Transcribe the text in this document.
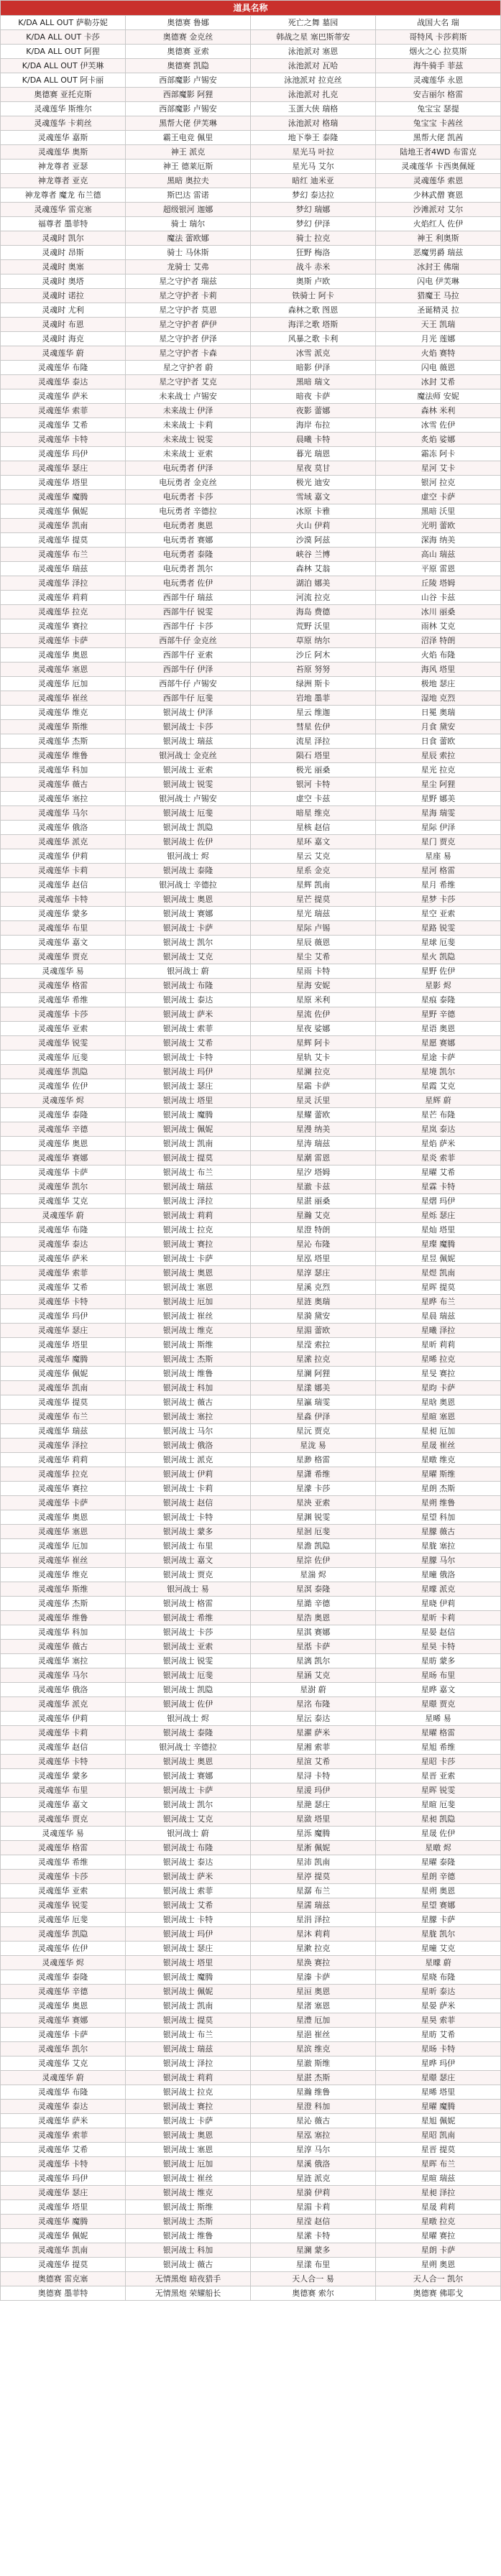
道具名称			
K/DA ALL OUT 萨勒芬妮	奥德赛 鲁娜	死亡之舞 墓园	战国大名 瑞
K/DA ALL OUT 卡莎	奥德赛 金克丝	韩战之星 塞巴斯蒂安	哥特风 卡莎莉斯
K/DA ALL OUT 阿狸	奥德赛 亚索	泳池派对 塞恩	烟火之心 拉莫斯
K/DA ALL OUT 伊芙琳	奥德赛 凯隐	泳池派对 瓦哈	海牛骑手 菲兹
K/DA ALL OUT 阿卡丽	西部魔影 卢锡安	泳池派对 拉克丝	灵魂莲华 永恩
奥德赛 亚托克斯	西部魔影 阿狸	泳池派对 扎克	安吉丽尔 格雷
灵魂莲华 斯维尔	西部魔影 卢锡安	玉蛋大侠 瑞格	兔宝宝 瑟提
灵魂莲华 卡莉丝	黑帮大佬 伊芙琳	泳池派对 格瑞	兔宝宝 卡茜丝
灵魂莲华 嘉斯	霸王电竞 佩里	地下拳王 泰隆	黑帮大佬 凯茜
灵魂莲华 奥斯	神王 派克	星光马 叶拉	陆地王者4WD 布雷克
神龙尊者 亚瑟	神王 德莱厄斯	星光马 艾尔	灵魂莲华 卡西奥佩娅
神龙尊者 亚克	黑暗 奥拉夫	暗红 迪米亚	灵魂莲华 索恩
神龙尊者 魔龙 布兰德	斯巴达 雷诺	梦幻 泰达拉	少林武僧 赛恩
灵魂莲华 雷克塞	超级银河 迦娜	梦幻 瑞娜	沙滩派对 艾尔
福尊者 墨菲特	骑士 瑞尔	梦幻 伊泽	火焰红人 佐伊
灵魂时 凯尔	魔法 蕾欧娜	骑士 拉克	神王 利奥斯
灵魂时 昂斯	骑士 马休斯	狂野 梅洛	恶魔男爵 瑞兹
灵魂时 奥塞	龙骑士 艾弗	战斗 赤米	冰封王 佛瑞
灵魂时 奥塔	星之守护者 瑞兹	奥斯 卢欧	闪电 伊芙琳
灵魂时 诺拉	星之守护者 卡莉	铁骑士 阿卡	猎魔王 马拉
灵魂时 尤利	星之守护者 莫恩	森林之歌 图恩	圣诞精灵 拉
灵魂时 布恩	星之守护者 萨伊	海洋之歌 塔斯	天王 凯瑞
灵魂时 海克	星之守护者 伊泽	风暴之歌 卡利	月光 莲娜
灵魂莲华 蔚	星之守护者 卡森	冰雪 派克	火焰 赛特
灵魂莲华 布隆	星之守护者 蔚	暗影 伊泽	闪电 薇恩
灵魂莲华 泰达	星之守护者 艾克	黑暗 瑞文	冰封 艾希
灵魂莲华 萨米	未来战士 卢锡安	暗夜 卡萨	魔法师 安妮
灵魂莲华 索菲	未来战士 伊泽	夜影 蕾娜	森林 米利
灵魂莲华 艾希	未来战士 卡莉	海岸 布拉	冰雪 佐伊
灵魂莲华 卡特	未来战士 锐雯	晨曦 卡特	炙焰 娑娜
灵魂莲华 玛伊	未来战士 亚索	暮光 瑞恩	霜冻 阿卡
灵魂莲华 瑟庄	电玩勇者 伊泽	星夜 莫甘	星河 艾卡
灵魂莲华 塔里	电玩勇者 金克丝	极光 迪安	银河 拉克
灵魂莲华 魔腾	电玩勇者 卡莎	雪域 嘉文	虚空 卡萨
灵魂莲华 佩妮	电玩勇者 辛德拉	冰原 卡雅	黑暗 沃里
灵魂莲华 凯南	电玩勇者 奥恩	火山 伊莉	光明 蕾欧
灵魂莲华 提莫	电玩勇者 赛娜	沙漠 阿兹	深海 纳美
灵魂莲华 布兰	电玩勇者 泰隆	峡谷 兰博	高山 瑞兹
灵魂莲华 瑞兹	电玩勇者 凯尔	森林 艾翁	平原 雷恩
灵魂莲华 泽拉	电玩勇者 佐伊	湖泊 娜美	丘陵 塔姆
灵魂莲华 莉莉	西部牛仔 瑞兹	河流 拉克	山谷 卡兹
灵魂莲华 拉克	西部牛仔 锐雯	海岛 费德	冰川 丽桑
灵魂莲华 赛拉	西部牛仔 卡莎	荒野 沃里	雨林 艾克
灵魂莲华 卡萨	西部牛仔 金克丝	草原 纳尔	沼泽 特朗
灵魂莲华 奥恩	西部牛仔 亚索	沙丘 阿木	火焰 布隆
灵魂莲华 塞恩	西部牛仔 伊泽	苔原 努努	海风 塔里
灵魂莲华 厄加	西部牛仔 卢锡安	绿洲 斯卡	极地 瑟庄
灵魂莲华 崔丝	西部牛仔 厄斐	岩地 墨菲	湿地 克烈
灵魂莲华 维克	银河战士 伊泽	星云 维迦	日冕 奥瑞
灵魂莲华 斯维	银河战士 卡莎	彗星 佐伊	月食 黛安
灵魂莲华 杰斯	银河战士 瑞兹	流星 泽拉	日食 蕾欧
灵魂莲华 维鲁	银河战士 金克丝	陨石 塔里	星辰 索拉
灵魂莲华 科加	银河战士 亚索	极光 丽桑	星光 拉克
灵魂莲华 薇古	银河战士 锐雯	银河 卡特	星尘 阿狸
灵魂莲华 塞拉	银河战士 卢锡安	虚空 卡兹	星野 娜美
灵魂莲华 马尔	银河战士 厄斐	暗星 维克	星海 瑞雯
灵魂莲华 俄洛	银河战士 凯隐	星核 赵信	星际 伊泽
灵魂莲华 派克	银河战士 佐伊	星环 嘉文	星门 贾克
灵魂莲华 伊莉	银河战士 烬	星云 艾克	星座 易
灵魂莲华 卡莉	银河战士 泰隆	星系 金克	星河 格雷
灵魂莲华 赵信	银河战士 辛德拉	星辉 凯南	星月 希维
灵魂莲华 卡特	银河战士 奥恩	星芒 提莫	星梦 卡莎
灵魂莲华 蒙多	银河战士 赛娜	星光 瑞兹	星空 亚索
灵魂莲华 布里	银河战士 卡萨	星际 卢锡	星路 锐雯
灵魂莲华 嘉文	银河战士 凯尔	星辰 薇恩	星球 厄斐
灵魂莲华 贾克	银河战士 艾克	星尘 艾希	星火 凯隐
灵魂莲华 易	银河战士 蔚	星雨 卡特	星野 佐伊
灵魂莲华 格雷	银河战士 布隆	星海 安妮	星影 烬
灵魂莲华 希维	银河战士 泰达	星原 米利	星痕 泰隆
灵魂莲华 卡莎	银河战士 萨米	星流 佐伊	星野 辛德
灵魂莲华 亚索	银河战士 索菲	星夜 娑娜	星语 奥恩
灵魂莲华 锐雯	银河战士 艾希	星辉 阿卡	星愿 赛娜
灵魂莲华 厄斐	银河战士 卡特	星轨 艾卡	星途 卡萨
灵魂莲华 凯隐	银河战士 玛伊	星澜 拉克	星境 凯尔
灵魂莲华 佐伊	银河战士 瑟庄	星霜 卡萨	星霞 艾克
灵魂莲华 烬	银河战士 塔里	星灵 沃里	星辉 蔚
灵魂莲华 泰隆	银河战士 魔腾	星耀 蕾欧	星芒 布隆
灵魂莲华 辛德	银河战士 佩妮	星漫 纳美	星岚 泰达
灵魂莲华 奥恩	银河战士 凯南	星涛 瑞兹	星焰 萨米
灵魂莲华 赛娜	银河战士 提莫	星潮 雷恩	星炎 索菲
灵魂莲华 卡萨	银河战士 布兰	星汐 塔姆	星曜 艾希
灵魂莲华 凯尔	银河战士 瑞兹	星澈 卡兹	星霖 卡特
灵魂莲华 艾克	银河战士 泽拉	星湛 丽桑	星熠 玛伊
灵魂莲华 蔚	银河战士 莉莉	星瀚 艾克	星烁 瑟庄
灵魂莲华 布隆	银河战士 拉克	星澄 特朗	星灿 塔里
灵魂莲华 泰达	银河战士 赛拉	星沁 布隆	星璨 魔腾
灵魂莲华 萨米	银河战士 卡萨	星泓 塔里	星昱 佩妮
灵魂莲华 索菲	银河战士 奥恩	星淳 瑟庄	星煜 凯南
灵魂莲华 艾希	银河战士 塞恩	星溪 克烈	星晖 提莫
灵魂莲华 卡特	银河战士 厄加	星涟 奥瑞	星晔 布兰
灵魂莲华 玛伊	银河战士 崔丝	星漪 黛安	星晨 瑞兹
灵魂莲华 瑟庄	银河战士 维克	星湄 蕾欧	星曦 泽拉
灵魂莲华 塔里	银河战士 斯维	星滢 索拉	星昕 莉莉
灵魂莲华 魔腾	银河战士 杰斯	星潆 拉克	星晞 拉克
灵魂莲华 佩妮	银河战士 维鲁	星澜 阿狸	星旻 赛拉
灵魂莲华 凯南	银河战士 科加	星漾 娜美	星昀 卡萨
灵魂莲华 提莫	银河战士 薇古	星瀛 瑞雯	星晗 奥恩
灵魂莲华 布兰	银河战士 塞拉	星淼 伊泽	星暄 塞恩
灵魂莲华 瑞兹	银河战士 马尔	星沅 贾克	星昶 厄加
灵魂莲华 泽拉	银河战士 俄洛	星泷 易	星晟 崔丝
灵魂莲华 莉莉	银河战士 派克	星渺 格雷	星暾 维克
灵魂莲华 拉克	银河战士 伊莉	星潇 希维	星曜 斯维
灵魂莲华 赛拉	银河战士 卡莉	星濛 卡莎	星朗 杰斯
灵魂莲华 卡萨	银河战士 赵信	星泱 亚索	星朔 维鲁
灵魂莲华 奥恩	银河战士 卡特	星渊 锐雯	星望 科加
灵魂莲华 塞恩	银河战士 蒙多	星洄 厄斐	星朦 薇古
灵魂莲华 厄加	银河战士 布里	星澹 凯隐	星胧 塞拉
灵魂莲华 崔丝	银河战士 嘉文	星淙 佐伊	星朦 马尔
灵魂莲华 维克	银河战士 贾克	星湍 烬	星曈 俄洛
灵魂莲华 斯维	银河战士 易	星溟 泰隆	星曚 派克
灵魂莲华 杰斯	银河战士 格雷	星澔 辛德	星晓 伊莉
灵魂莲华 维鲁	银河战士 希维	星浩 奥恩	星昕 卡莉
灵魂莲华 科加	银河战士 卡莎	星淇 赛娜	星晏 赵信
灵魂莲华 薇古	银河战士 亚索	星湉 卡萨	星昊 卡特
灵魂莲华 塞拉	银河战士 锐雯	星漓 凯尔	星昉 蒙多
灵魂莲华 马尔	银河战士 厄斐	星涵 艾克	星旸 布里
灵魂莲华 俄洛	银河战士 凯隐	星澍 蔚	星晔 嘉文
灵魂莲华 派克	银河战士 佐伊	星洺 布隆	星暻 贾克
灵魂莲华 伊莉	银河战士 烬	星沄 泰达	星晞 易
灵魂莲华 卡莉	银河战士 泰隆	星濯 萨米	星曜 格雷
灵魂莲华 赵信	银河战士 辛德拉	星湘 索菲	星旭 希维
灵魂莲华 卡特	银河战士 奥恩	星渲 艾希	星昭 卡莎
灵魂莲华 蒙多	银河战士 赛娜	星浔 卡特	星晋 亚索
灵魂莲华 布里	银河战士 卡萨	星湲 玛伊	星晖 锐雯
灵魂莲华 嘉文	银河战士 凯尔	星滟 瑟庄	星暄 厄斐
灵魂莲华 贾克	银河战士 艾克	星潋 塔里	星昶 凯隐
灵魂莲华 易	银河战士 蔚	星泺 魔腾	星晟 佐伊
灵魂莲华 格雷	银河战士 布隆	星淅 佩妮	星暾 烬
灵魂莲华 希维	银河战士 泰达	星沛 凯南	星曜 泰隆
灵魂莲华 卡莎	银河战士 萨米	星渟 提莫	星朗 辛德
灵魂莲华 亚索	银河战士 索菲	星潺 布兰	星朔 奥恩
灵魂莲华 锐雯	银河战士 艾希	星濡 瑞兹	星望 赛娜
灵魂莲华 厄斐	银河战士 卡特	星涓 泽拉	星朦 卡萨
灵魂莲华 凯隐	银河战士 玛伊	星沐 莉莉	星胧 凯尔
灵魂莲华 佐伊	银河战士 瑟庄	星漱 拉克	星曈 艾克
灵魂莲华 烬	银河战士 塔里	星涣 赛拉	星曚 蔚
灵魂莲华 泰隆	银河战士 魔腾	星溱 卡萨	星晓 布隆
灵魂莲华 辛德	银河战士 佩妮	星洹 奥恩	星昕 泰达
灵魂莲华 奥恩	银河战士 凯南	星渚 塞恩	星晏 萨米
灵魂莲华 赛娜	银河战士 提莫	星澧 厄加	星昊 索菲
灵魂莲华 卡萨	银河战士 布兰	星浥 崔丝	星昉 艾希
灵魂莲华 凯尔	银河战士 瑞兹	星滨 维克	星旸 卡特
灵魂莲华 艾克	银河战士 泽拉	星澈 斯维	星晔 玛伊
灵魂莲华 蔚	银河战士 莉莉	星湛 杰斯	星暻 瑟庄
灵魂莲华 布隆	银河战士 拉克	星瀚 维鲁	星晞 塔里
灵魂莲华 泰达	银河战士 赛拉	星澄 科加	星曜 魔腾
灵魂莲华 萨米	银河战士 卡萨	星沁 薇古	星旭 佩妮
灵魂莲华 索菲	银河战士 奥恩	星泓 塞拉	星昭 凯南
灵魂莲华 艾希	银河战士 塞恩	星淳 马尔	星晋 提莫
灵魂莲华 卡特	银河战士 厄加	星溪 俄洛	星晖 布兰
灵魂莲华 玛伊	银河战士 崔丝	星涟 派克	星暄 瑞兹
灵魂莲华 瑟庄	银河战士 维克	星漪 伊莉	星昶 泽拉
灵魂莲华 塔里	银河战士 斯维	星湄 卡莉	星晟 莉莉
灵魂莲华 魔腾	银河战士 杰斯	星滢 赵信	星暾 拉克
灵魂莲华 佩妮	银河战士 维鲁	星潆 卡特	星曜 赛拉
灵魂莲华 凯南	银河战士 科加	星澜 蒙多	星朗 卡萨
灵魂莲华 提莫	银河战士 薇古	星漾 布里	星朔 奥恩
奥德赛 雷克塞	无情黑炮 暗夜猎手	天人合一 易	天人合一 凯尔
奥德赛 墨菲特	无情黑炮 荣耀船长	奥德赛 索尔	奥德赛 佛耶戈
